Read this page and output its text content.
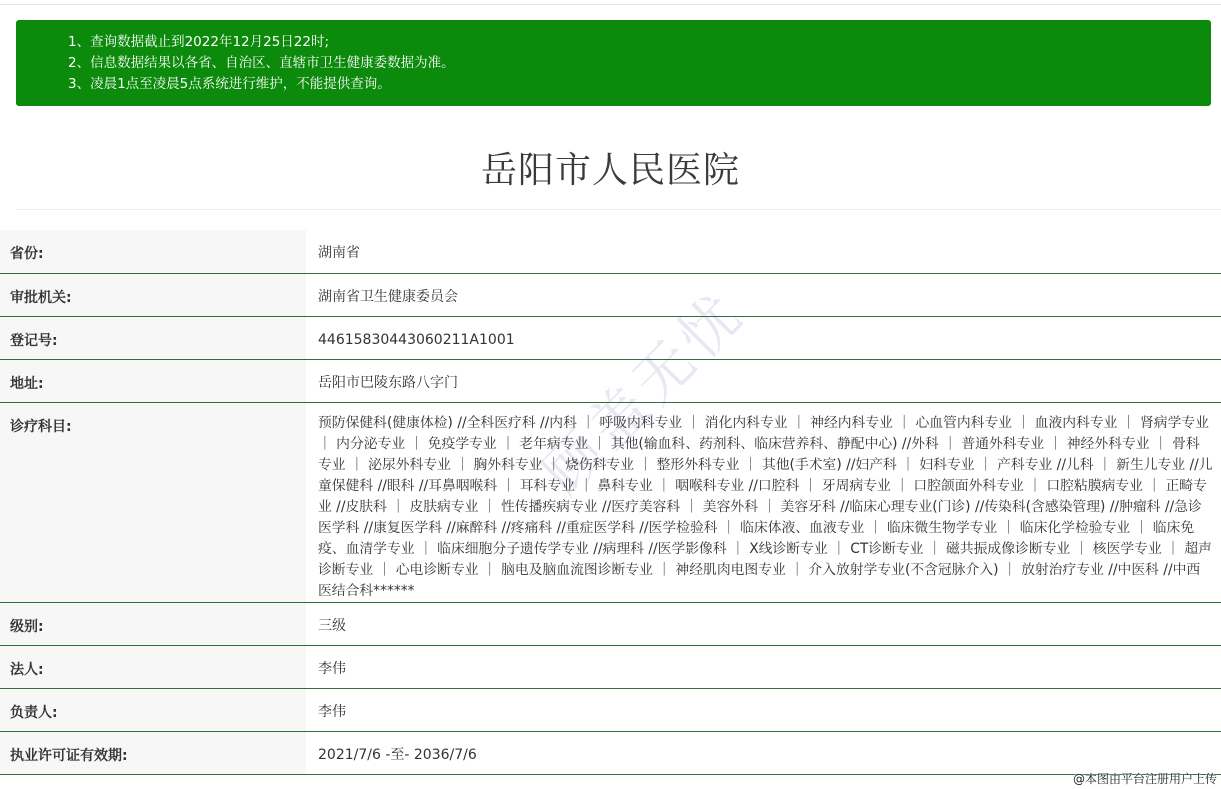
1、查询数据截止到2022年12月25日22时;
2、信息数据结果以各省、自治区、直辖市卫生健康委数据为准。
3、凌晨1点至凌晨5点系统进行维护，不能提供查询。
岳阳市人民医院
省份:	湖南省
审批机关:	湖南省卫生健康委员会
登记号:	44615830443060211A1001
地址:	岳阳市巴陵东路八字门
诊疗科目:	预防保健科(健康体检) //全科医疗科 //内科 ｜ 呼吸内科专业 ｜ 消化内科专业 ｜ 神经内科专业 ｜ 心血管内科专业 ｜ 血液内科专业 ｜ 肾病学专业 ｜ 内分泌专业 ｜ 免疫学专业 ｜ 老年病专业 ｜ 其他(输血科、药剂科、临床营养科、静配中心) //外科 ｜ 普通外科专业 ｜ 神经外科专业 ｜ 骨科专业 ｜ 泌尿外科专业 ｜ 胸外科专业 ｜ 烧伤科专业 ｜ 整形外科专业 ｜ 其他(手术室) //妇产科 ｜ 妇科专业 ｜ 产科专业 //儿科 ｜ 新生儿专业 //儿童保健科 //眼科 //耳鼻咽喉科 ｜ 耳科专业 ｜ 鼻科专业 ｜ 咽喉科专业 //口腔科 ｜ 牙周病专业 ｜ 口腔颌面外科专业 ｜ 口腔粘膜病专业 ｜ 正畸专业 //皮肤科 ｜ 皮肤病专业 ｜ 性传播疾病专业 //医疗美容科 ｜ 美容外科 ｜ 美容牙科 //临床心理专业(门诊) //传染科(含感染管理) //肿瘤科 //急诊医学科 //康复医学科 //麻醉科 //疼痛科 //重症医学科 //医学检验科 ｜ 临床体液、血液专业 ｜ 临床微生物学专业 ｜ 临床化学检验专业 ｜ 临床免疫、血清学专业 ｜ 临床细胞分子遗传学专业 //病理科 //医学影像科 ｜ X线诊断专业 ｜ CT诊断专业 ｜ 磁共振成像诊断专业 ｜ 核医学专业 ｜ 超声诊断专业 ｜ 心电诊断专业 ｜ 脑电及脑血流图诊断专业 ｜ 神经肌肉电图专业 ｜ 介入放射学专业(不含冠脉介入) ｜ 放射治疗专业 //中医科 //中西医结合科******
级别:	三级
法人:	李伟
负责人:	李伟
执业许可证有效期:	2021/7/6 -至- 2036/7/6
顾盖无忧
@本图由平台注册用户上传
